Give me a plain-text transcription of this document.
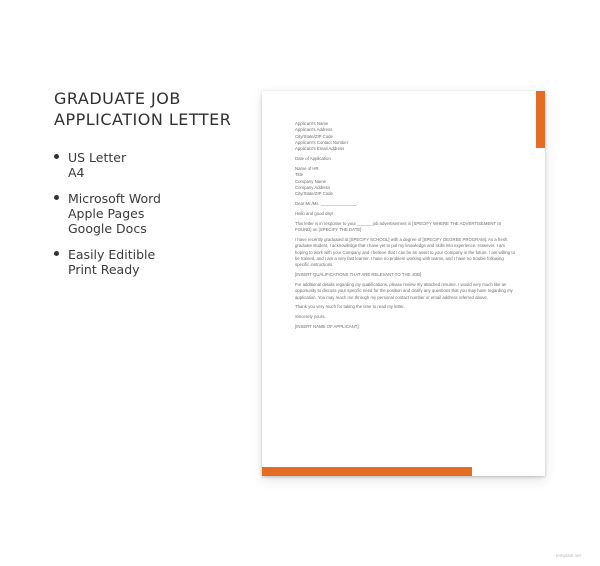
GRADUATE JOB
APPLICATION LETTER
US Letter
A4
Microsoft Word
Apple Pages
Google Docs
Easily Editible
Print Ready
Applicant's Name
Applicant's Address
City/State/ZIP Code
Applicant's Contact Number
Applicant's Email Address
Date of Application
Name of HR
Title
Company Name
Company Address
City/State/ZIP Code
Dear Mr./Ms. _______________:
Hello and good day!
This letter is in response to your ______ job advertisement in [SPECIFY WHERE THE ADVERTISEMENT IS FOUND] on [SPECIFY THE DATE].
I have recently graduated at [SPECIFY SCHOOL] with a degree of [SPECIFY DEGREE PROGRAM]. As a fresh graduate student, I acknowledge that I have yet to put my knowledge and skills into experience. However, I am hoping to work with your Company and I believe that I can be an asset to your Company in the future. I am willing to be trained, and I am a very fast learner. I have no problem working with teams, and I have no trouble following specific instructions.
[INSERT QUALIFICATIONS THAT ARE RELEVANT TO THE JOB]
For additional details regarding my qualifications, please review my attached resume. I would very much like an opportunity to discuss your specific need for the position and clarify any questions that you may have regarding my application. You may reach me through my personal contact number or email address referred above.
Thank you very much for taking the time to read my letter.
Sincerely yours,
[INSERT NAME OF APPLICANT]
template.net
